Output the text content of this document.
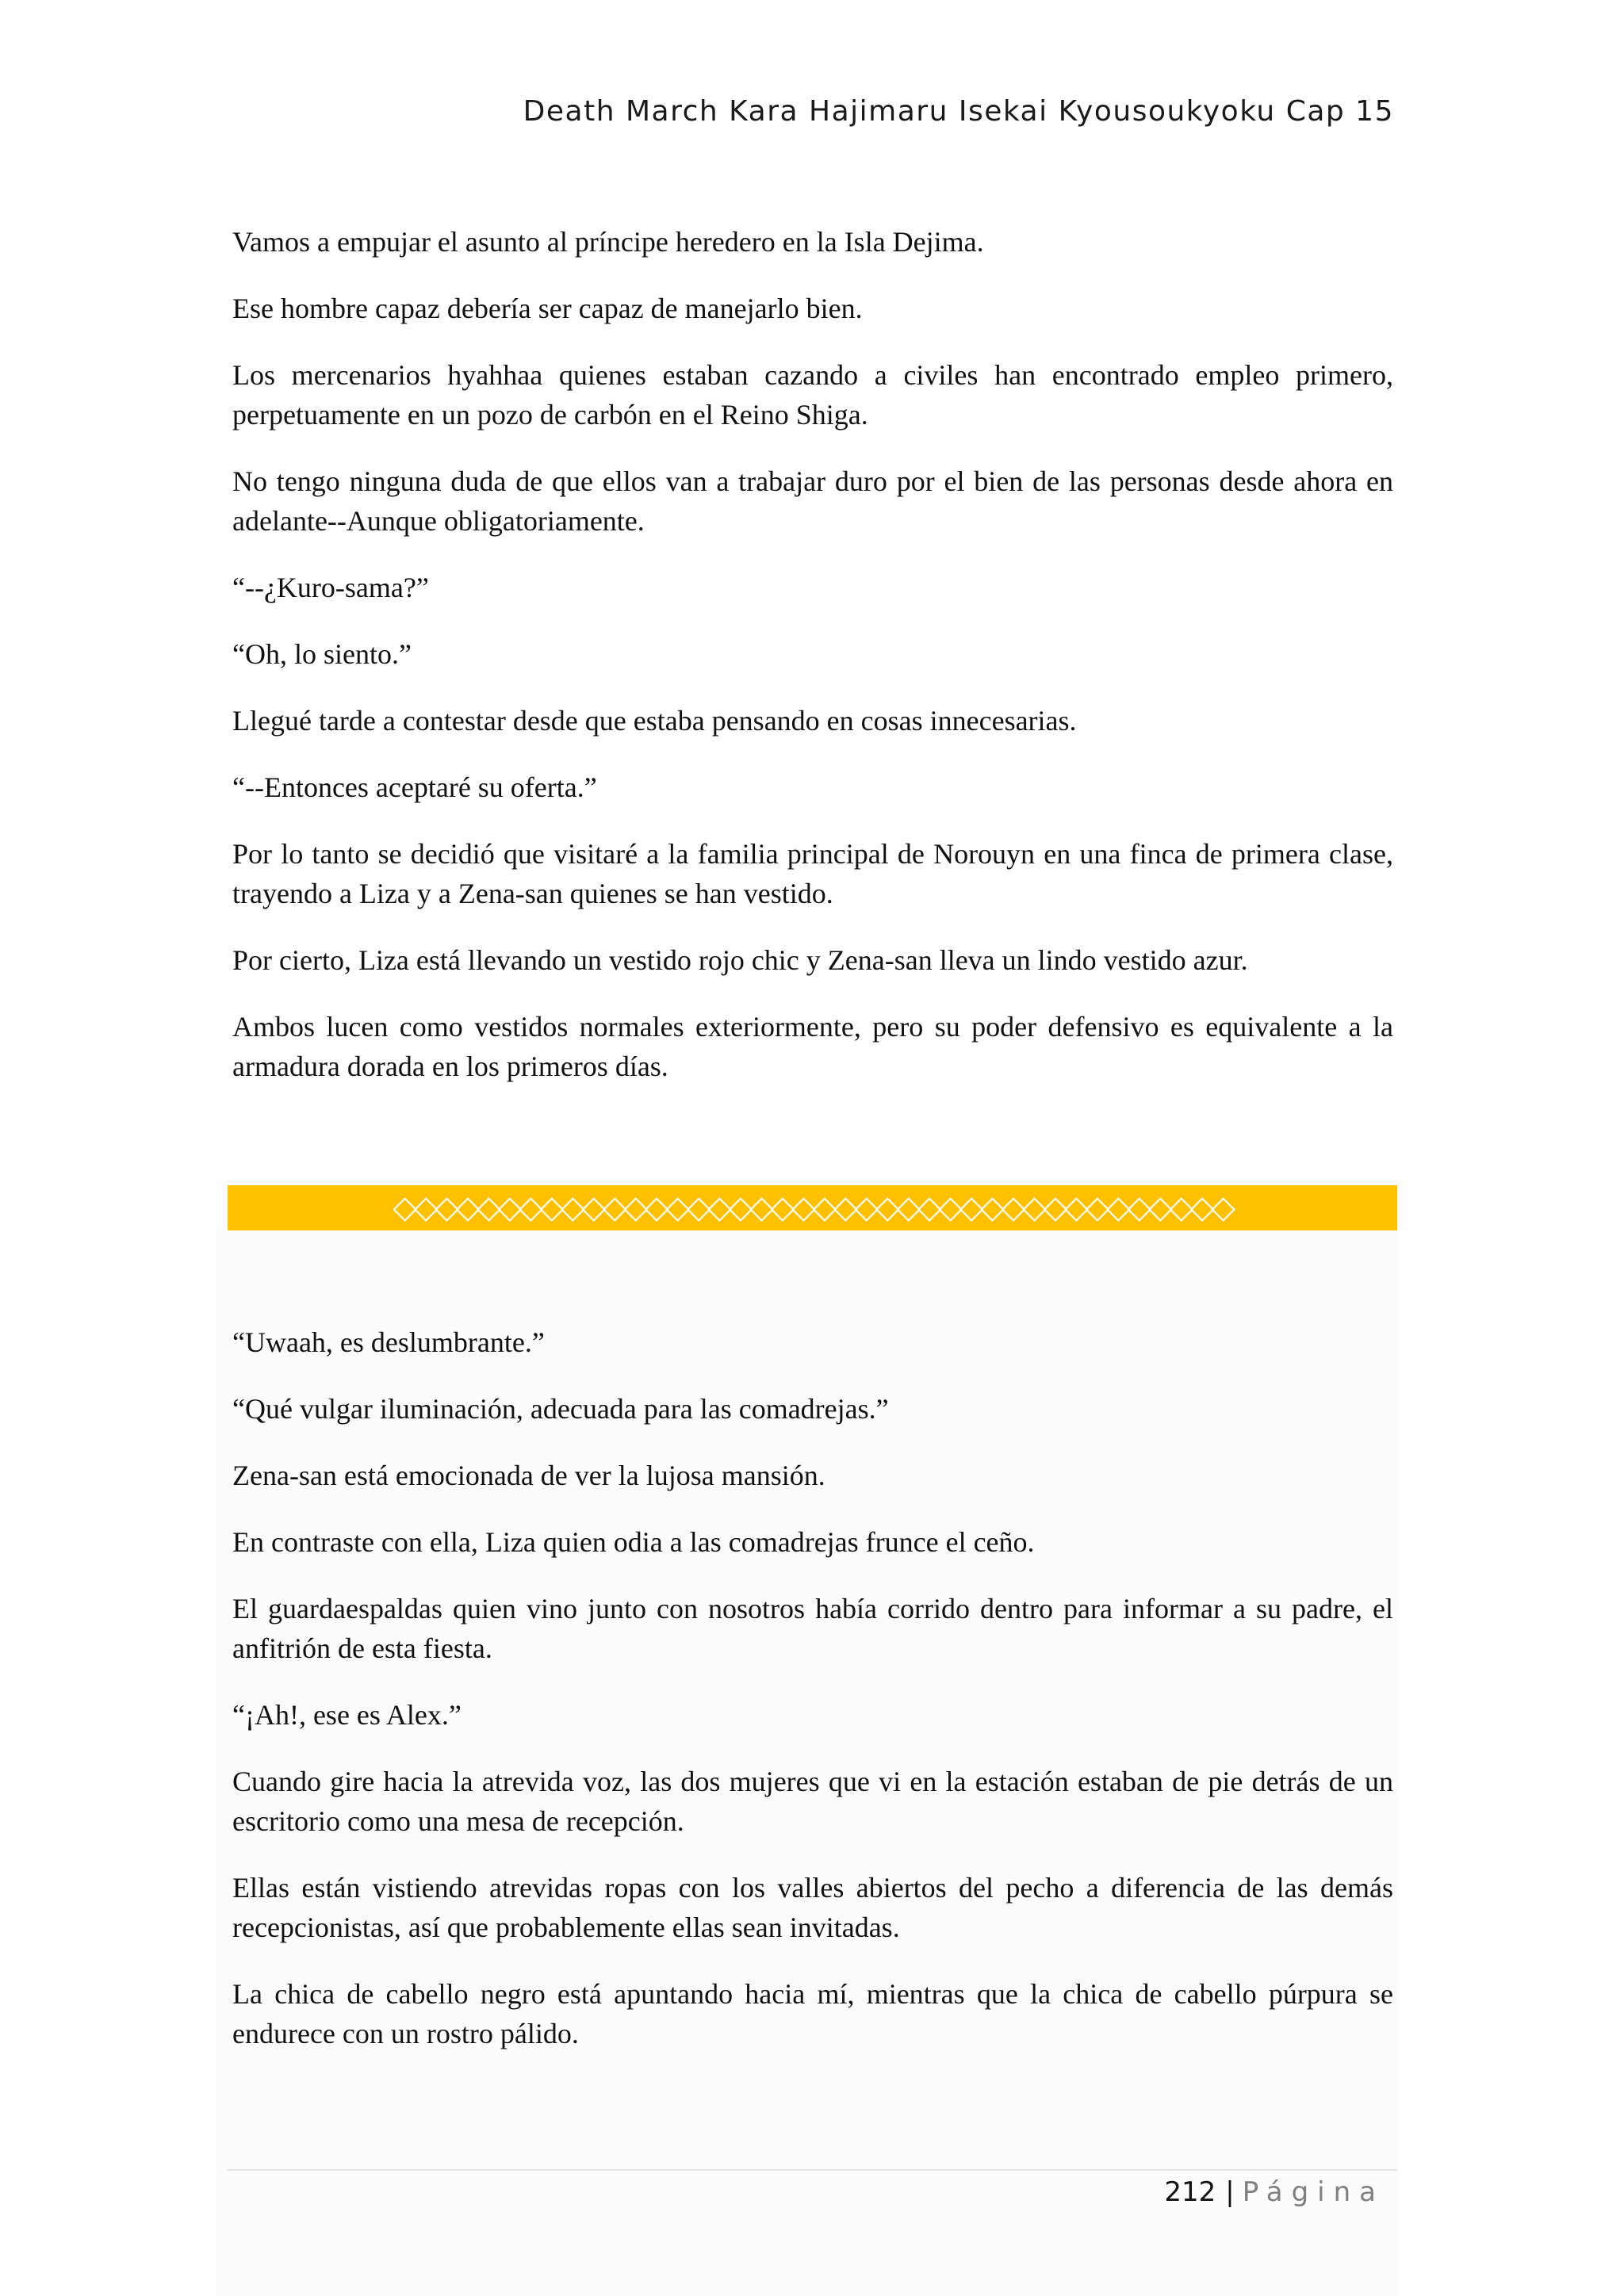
Death March Kara Hajimaru Isekai Kyousoukyoku Cap 15

Vamos a empujar el asunto al príncipe heredero en la Isla Dejima.

Ese hombre capaz debería ser capaz de manejarlo bien.

Los mercenarios hyahhaa quienes estaban cazando a civiles han encontrado empleo primero, perpetuamente en un pozo de carbón en el Reino Shiga.

No tengo ninguna duda de que ellos van a trabajar duro por el bien de las personas desde ahora en adelante--Aunque obligatoriamente.

“--¿Kuro-sama?”

“Oh, lo siento.”

Llegué tarde a contestar desde que estaba pensando en cosas innecesarias.

“--Entonces aceptaré su oferta.”

Por lo tanto se decidió que visitaré a la familia principal de Norouyn en una finca de primera clase, trayendo a Liza y a Zena-san quienes se han vestido.

Por cierto, Liza está llevando un vestido rojo chic y Zena-san lleva un lindo vestido azur.

Ambos lucen como vestidos normales exteriormente, pero su poder defensivo es equivalente a la armadura dorada en los primeros días.

◇◇◇◇◇◇◇◇◇◇◇◇◇◇◇◇◇◇◇◇◇◇◇◇◇◇◇◇◇◇◇◇◇◇◇◇◇◇◇◇

“Uwaah, es deslumbrante.”

“Qué vulgar iluminación, adecuada para las comadrejas.”

Zena-san está emocionada de ver la lujosa mansión.

En contraste con ella, Liza quien odia a las comadrejas frunce el ceño.

El guardaespaldas quien vino junto con nosotros había corrido dentro para informar a su padre, el anfitrión de esta fiesta.

“¡Ah!, ese es Alex.”

Cuando gire hacia la atrevida voz, las dos mujeres que vi en la estación estaban de pie detrás de un escritorio como una mesa de recepción.

Ellas están vistiendo atrevidas ropas con los valles abiertos del pecho a diferencia de las demás recepcionistas, así que probablemente ellas sean invitadas.

La chica de cabello negro está apuntando hacia mí, mientras que la chica de cabello púrpura se endurece con un rostro pálido.

212 | Página
